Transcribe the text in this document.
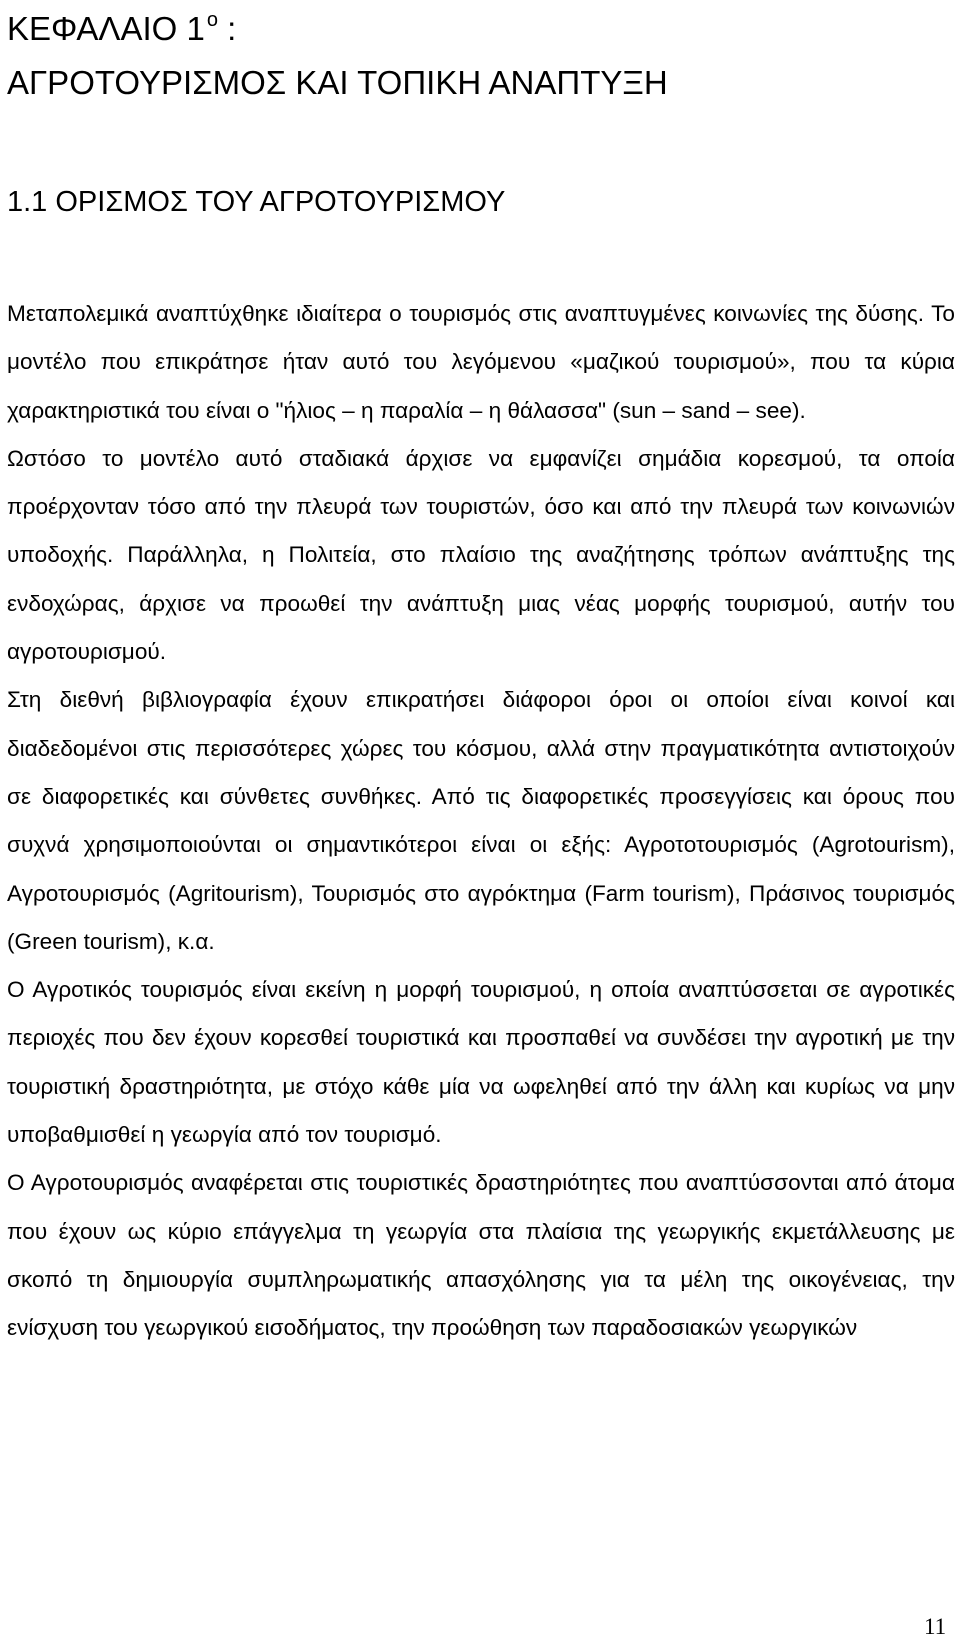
ΚΕΦΑΛΑΙΟ 1 $^o$ :
ΑΓΡΟΤΟΥΡΙΣΜΟΣ ΚΑΙ ΤΟΠΙΚΗ ΑΝΑΠΤΥΞΗ
1.1 ΟΡΙΣΜΟΣ ΤΟΥ ΑΓΡΟΤΟΥΡΙΣΜΟΥ

Μεταπολεμικά αναπτύχθηκε ιδιαίτερα ο τουρισμός στις αναπτυγμένες κοινωνίες της δύσης. Το μοντέλο που επικράτησε ήταν αυτό του λεγόμενου «μαζικού τουρισμού», που τα κύρια χαρακτηριστικά του είναι ο "ήλιος – η παραλία – η θάλασσα" (sun – sand – see).

Ωστόσο το μοντέλο αυτό σταδιακά άρχισε να εμφανίζει σημάδια κορεσμού, τα οποία προέρχονταν τόσο από την πλευρά των τουριστών, όσο και από την πλευρά των κοινωνιών υποδοχής. Παράλληλα, η Πολιτεία, στο πλαίσιο της αναζήτησης τρόπων ανάπτυξης της ενδοχώρας, άρχισε να προωθεί την ανάπτυξη μιας νέας μορφής τουρισμού, αυτήν του αγροτουρισμού.

Στη διεθνή βιβλιογραφία έχουν επικρατήσει διάφοροι όροι οι οποίοι είναι κοινοί και διαδεδομένοι στις περισσότερες χώρες του κόσμου, αλλά στην πραγματικότητα αντιστοιχούν σε διαφορετικές και σύνθετες συνθήκες. Από τις διαφορετικές προσεγγίσεις και όρους που συχνά χρησιμοποιούνται οι σημαντικότεροι είναι οι εξής: Αγροτοτουρισμός (Agrotourism), Αγροτουρισμός (Agritourism), Τουρισμός στο αγρόκτημα (Farm tourism), Πράσινος τουρισμός (Green tourism), κ.α.

Ο Αγροτικός τουρισμός είναι εκείνη η μορφή τουρισμού, η οποία αναπτύσσεται σε αγροτικές περιοχές που δεν έχουν κορεσθεί τουριστικά και προσπαθεί να συνδέσει την αγροτική με την τουριστική δραστηριότητα, με στόχο κάθε μία να ωφεληθεί από την άλλη και κυρίως να μην υποβαθμισθεί η γεωργία από τον τουρισμό.

Ο Αγροτουρισμός αναφέρεται στις τουριστικές δραστηριότητες που αναπτύσσονται από άτομα που έχουν ως κύριο επάγγελμα τη γεωργία στα πλαίσια της γεωργικής εκμετάλλευσης με σκοπό τη δημιουργία συμπληρωματικής απασχόλησης για τα μέλη της οικογένειας, την ενίσχυση του γεωργικού εισοδήματος, την προώθηση των παραδοσιακών γεωργικών

11
